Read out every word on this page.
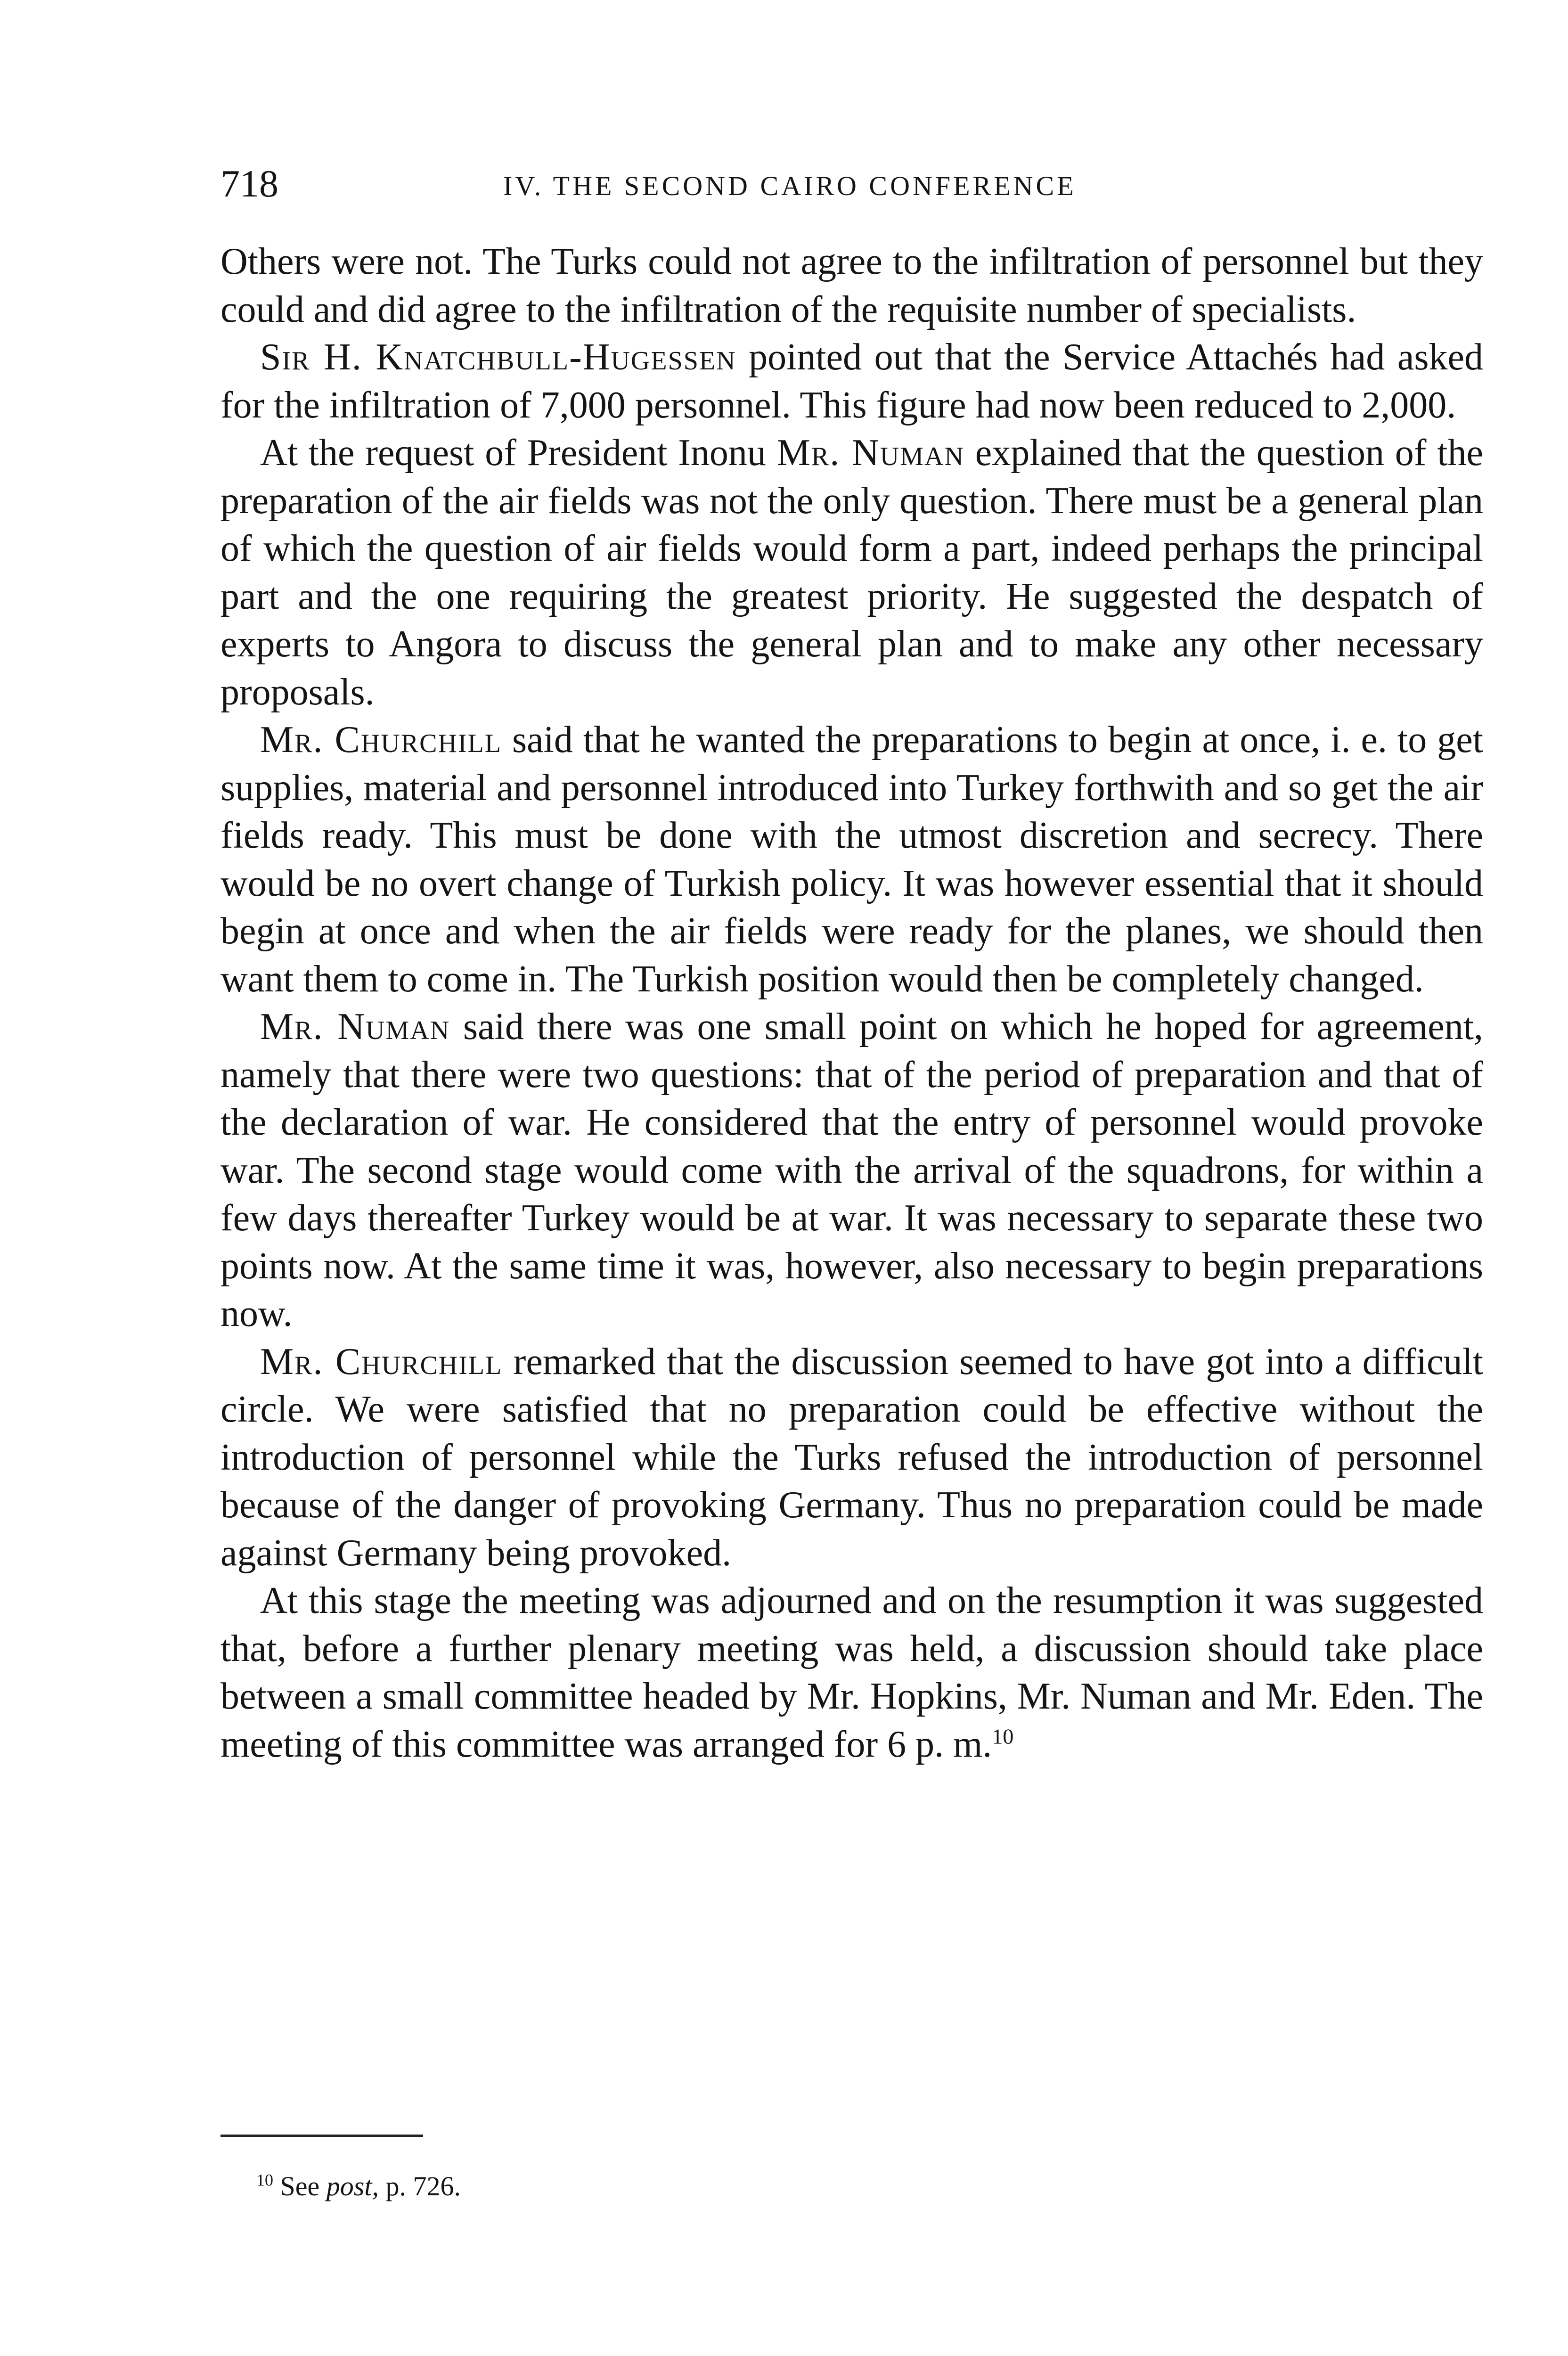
718	IV. THE SECOND CAIRO CONFERENCE

Others were not. The Turks could not agree to the infiltration of personnel but they could and did agree to the infiltration of the requisite number of specialists.

Sir H. Knatchbull-Hugessen pointed out that the Service Attachés had asked for the infiltration of 7,000 personnel. This figure had now been reduced to 2,000.

At the request of President Inonu Mr. Numan explained that the question of the preparation of the air fields was not the only question. There must be a general plan of which the question of air fields would form a part, indeed perhaps the principal part and the one requiring the greatest priority. He suggested the despatch of experts to Angora to discuss the general plan and to make any other necessary proposals.

Mr. Churchill said that he wanted the preparations to begin at once, i. e. to get supplies, material and personnel introduced into Turkey forthwith and so get the air fields ready. This must be done with the utmost discretion and secrecy. There would be no overt change of Turkish policy. It was however essential that it should begin at once and when the air fields were ready for the planes, we should then want them to come in. The Turkish position would then be completely changed.

Mr. Numan said there was one small point on which he hoped for agreement, namely that there were two questions: that of the period of preparation and that of the declaration of war. He considered that the entry of personnel would provoke war. The second stage would come with the arrival of the squadrons, for within a few days thereafter Turkey would be at war. It was necessary to separate these two points now. At the same time it was, however, also necessary to begin preparations now.

Mr. Churchill remarked that the discussion seemed to have got into a difficult circle. We were satisfied that no preparation could be effective without the introduction of personnel while the Turks refused the introduction of personnel because of the danger of provoking Germany. Thus no preparation could be made against Germany being provoked.

At this stage the meeting was adjourned and on the resumption it was suggested that, before a further plenary meeting was held, a discussion should take place between a small committee headed by Mr. Hopkins, Mr. Numan and Mr. Eden. The meeting of this committee was arranged for 6 p. m.$^{10}$

$^{10}$ See post, p. 726.
